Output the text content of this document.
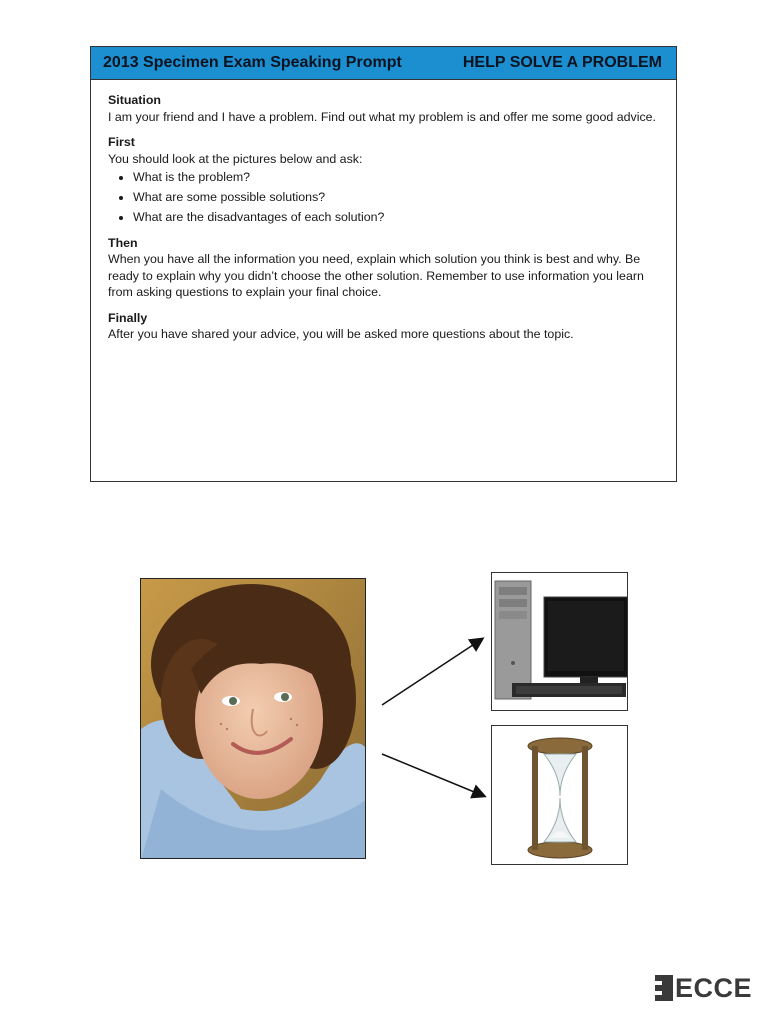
2013 Specimen Exam Speaking Prompt	HELP SOLVE A PROBLEM
Situation
I am your friend and I have a problem. Find out what my problem is and offer me some good advice.
First
You should look at the pictures below and ask:
• What is the problem?
• What are some possible solutions?
• What are the disadvantages of each solution?
Then
When you have all the information you need, explain which solution you think is best and why. Be ready to explain why you didn’t choose the other solution. Remember to use information you learn from asking questions to explain your final choice.
Finally
After you have shared your advice, you will be asked more questions about the topic.
ECCE
